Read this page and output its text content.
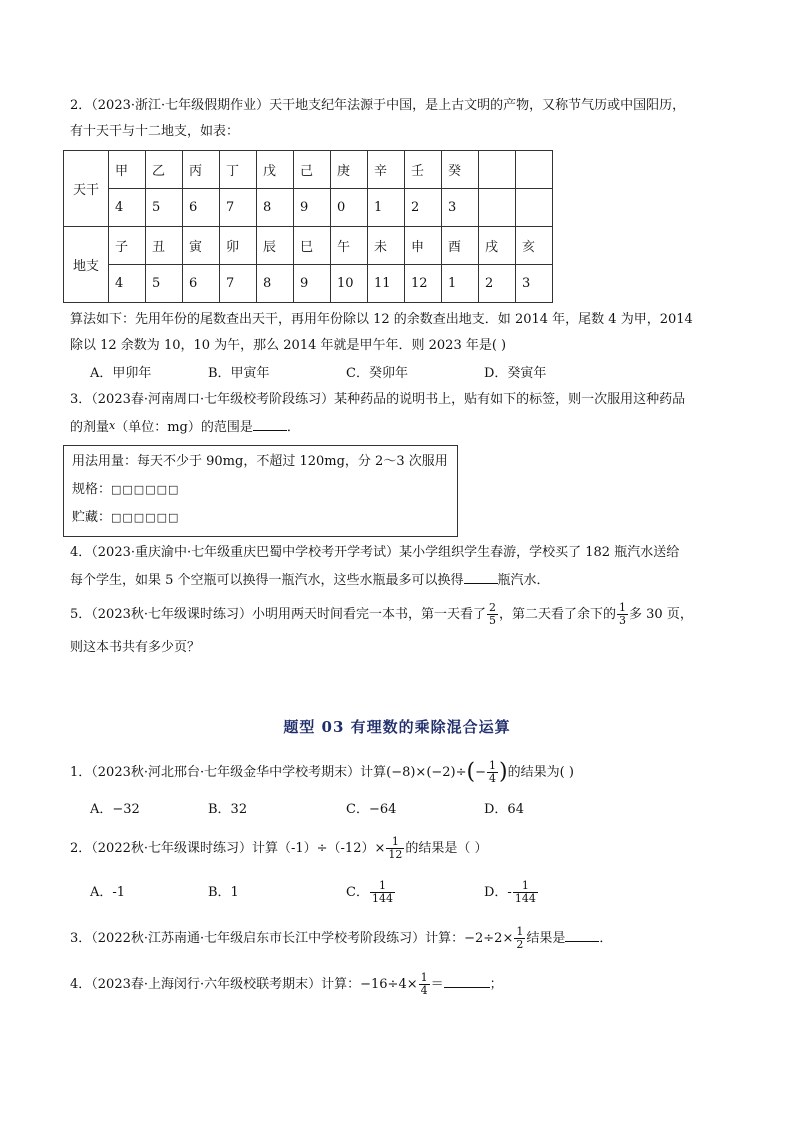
2．（2023·浙江·七年级假期作业）天干地支纪年法源于中国，是上古文明的产物，又称节气历或中国阳历，
有十天干与十二地支，如表：
天干	甲	乙	丙	丁	戊	己	庚	辛	壬	癸		
	4	5	6	7	8	9	0	1	2	3		
地支	子	丑	寅	卯	辰	巳	午	未	申	酉	戌	亥
	4	5	6	7	8	9	10	11	12	1	2	3
算法如下：先用年份的尾数查出天干，再用年份除以 12 的余数查出地支．如 2014 年，尾数 4 为甲，2014
除以 12 余数为 10，10 为午，那么 2014 年就是甲午年．则 2023 年是( )
A．甲卯年	B．甲寅年	C．癸卯年	D．癸寅年
3．（2023春·河南周口·七年级校考阶段练习）某种药品的说明书上，贴有如下的标签，则一次服用这种药品
的剂量$^x$（单位：mg）的范围是	．
用法用量：每天不少于 90mg，不超过 120mg，分 2～3 次服用
规格：□□□□□□
贮藏：□□□□□□
4．（2023·重庆渝中·七年级重庆巴蜀中学校考开学考试）某小学组织学生春游，学校买了 182 瓶汽水送给
每个学生，如果 5 个空瓶可以换得一瓶汽水，这些水瓶最多可以换得	瓶汽水．
5．（2023秋·七年级课时练习）小明用两天时间看完一本书，第一天看了 $\frac{2}{5}$ ，第二天看了余下的 $\frac{1}{3}$ 多 30 页，
则这本书共有多少页？
题型 03 有理数的乘除混合运算
1．（2023秋·河北邢台·七年级金华中学校考期末）计算$(-8)\times(-2)\div(- \frac{1}{4}$ )的结果为( )
A．−32	B．32	C．−64	D．64
2．（2022秋·七年级课时练习）计算$(-1)\div(-12)\times \frac{1}{12}$ 的结果是（ ）
A．-1	B．1	C． $\frac{1}{144}$	D．- $\frac{1}{144}$
3．（2022秋·江苏南通·七年级启东市长江中学校考阶段练习）计算：$-2\div 2\times \frac{1}{2}$ 结果是	．
4．（2023春·上海闵行·六年级校联考期末）计算：$-16\div 4\times \frac{1}{4}$ ＝	；
